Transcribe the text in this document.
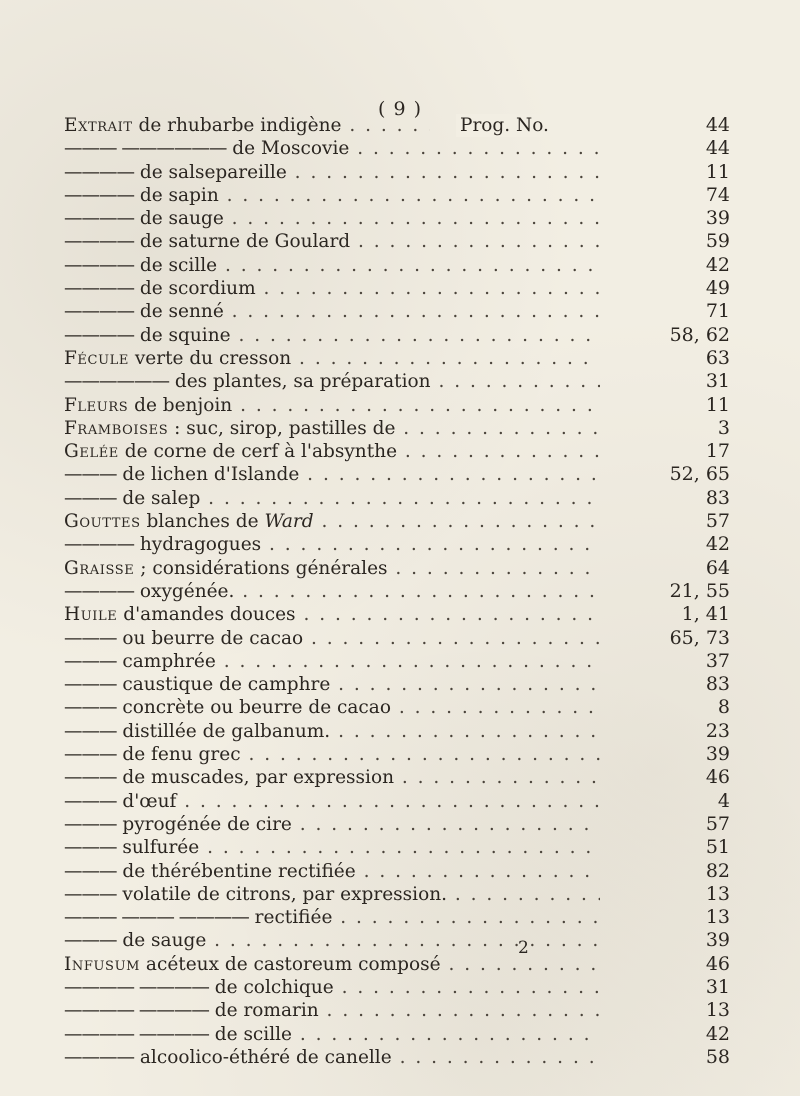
( 9 )
Extrait de rhubarbe indigène . . .	Prog. No.	44
——— —————— de Moscovie . . .	44
———— de salsepareille . . .	11
———— de sapin . . .	74
———— de sauge . . .	39
———— de saturne de Goulard . . .	59
———— de scille . . .	42
———— de scordium . . .	49
———— de senné . . .	71
———— de squine . . .	58, 62
Fécule verte du cresson . . .	63
—————— des plantes, sa préparation . . .	31
Fleurs de benjoin . . .	11
Framboises : suc, sirop, pastilles de . . .	3
Gelée de corne de cerf à l'absynthe . . .	17
——— de lichen d'Islande . . .	52, 65
——— de salep . . .	83
Gouttes blanches de Ward . . .	57
———— hydragogues . . .	42
Graisse ; considérations générales . . .	64
———— oxygénée. . . .	21, 55
Huile d'amandes douces . . .	1, 41
——— ou beurre de cacao . . .	65, 73
——— camphrée . . .	37
——— caustique de camphre . . .	83
——— concrète ou beurre de cacao . . .	8
——— distillée de galbanum. . . .	23
——— de fenu grec . . .	39
——— de muscades, par expression . . .	46
——— d'œuf . . .	4
——— pyrogénée de cire . . .	57
——— sulfurée . . .	51
——— de thérébentine rectifiée . . .	82
——— volatile de citrons, par expression. . . .	13
——— ——— ———— rectifiée . . .	13
——— de sauge . . .	39
Infusum acéteux de castoreum composé . . .	46
———— ———— de colchique . . .	31
———— ———— de romarin . . .	13
———— ———— de scille . . .	42
———— alcoolico-éthéré de canelle . . .	58
2
